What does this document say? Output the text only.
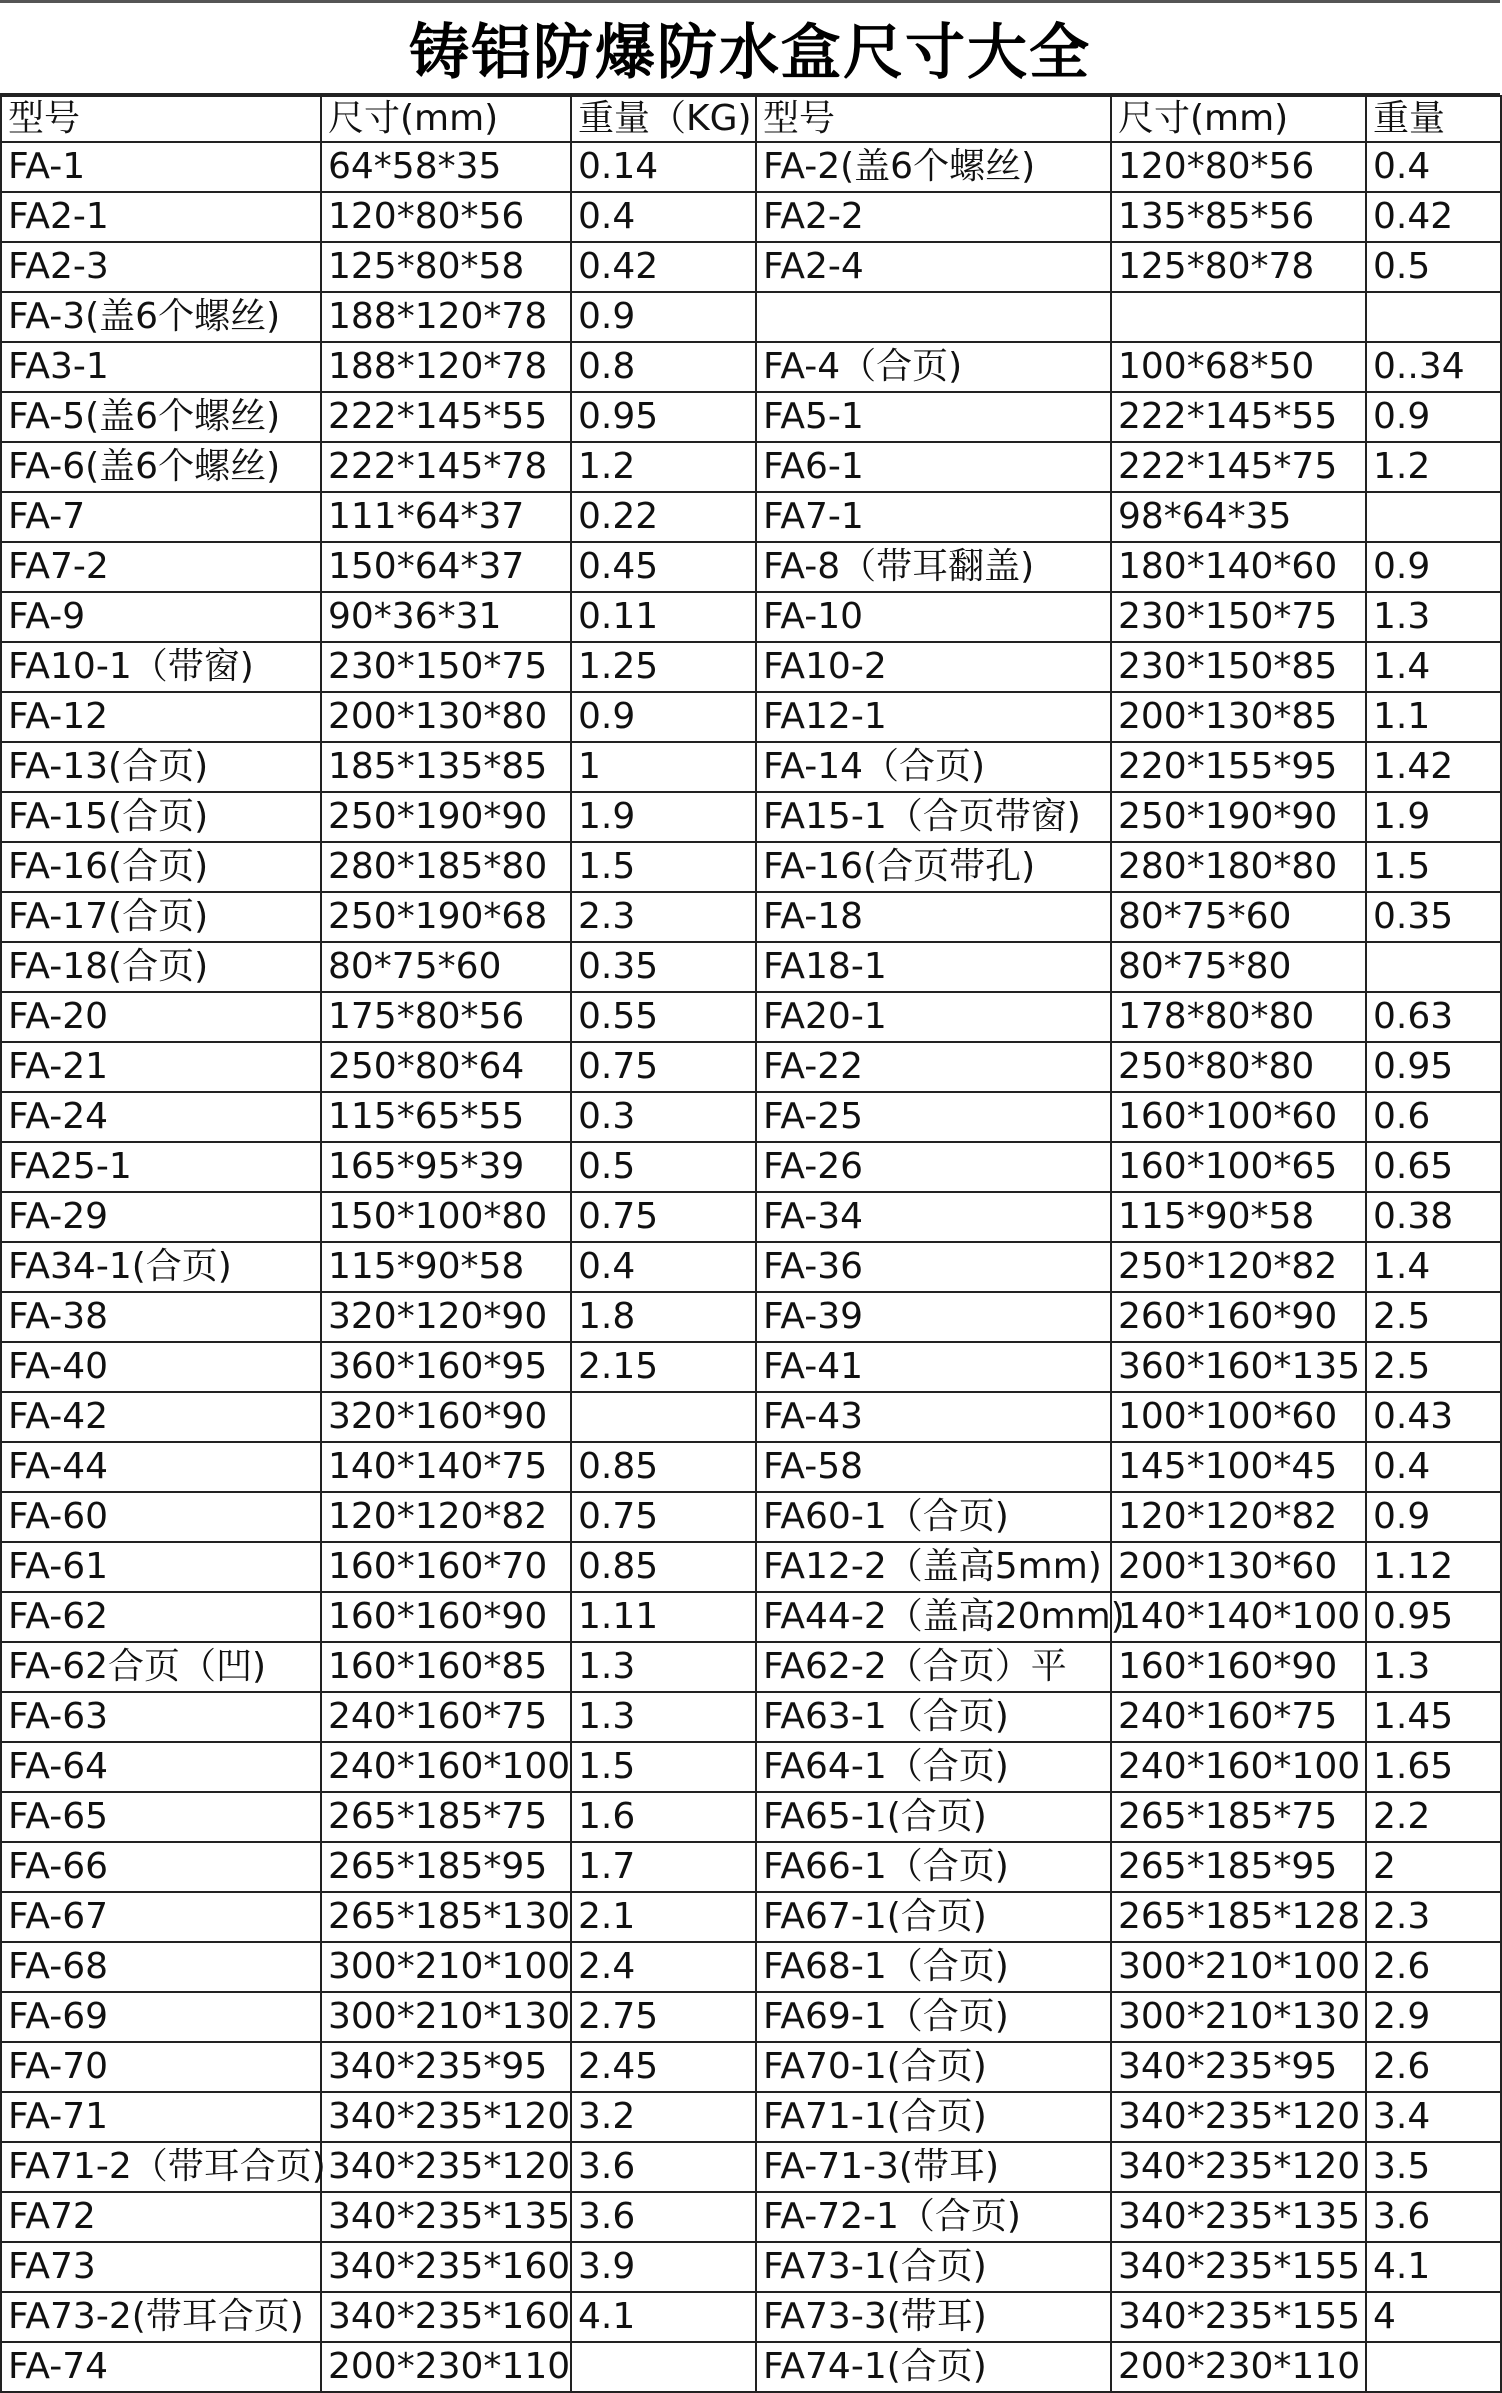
铸铝防爆防水盒尺寸大全
型号	尺寸(mm)	重量（KG)	型号	尺寸(mm)	重量
FA-1	64*58*35	0.14	FA-2(盖6个螺丝)	120*80*56	0.4
FA2-1	120*80*56	0.4	FA2-2	135*85*56	0.42
FA2-3	125*80*58	0.42	FA2-4	125*80*78	0.5
FA-3(盖6个螺丝)	188*120*78	0.9			
FA3-1	188*120*78	0.8	FA-4（合页)	100*68*50	0..34
FA-5(盖6个螺丝)	222*145*55	0.95	FA5-1	222*145*55	0.9
FA-6(盖6个螺丝)	222*145*78	1.2	FA6-1	222*145*75	1.2
FA-7	111*64*37	0.22	FA7-1	98*64*35	
FA7-2	150*64*37	0.45	FA-8（带耳翻盖)	180*140*60	0.9
FA-9	90*36*31	0.11	FA-10	230*150*75	1.3
FA10-1（带窗)	230*150*75	1.25	FA10-2	230*150*85	1.4
FA-12	200*130*80	0.9	FA12-1	200*130*85	1.1
FA-13(合页)	185*135*85	1	FA-14（合页)	220*155*95	1.42
FA-15(合页)	250*190*90	1.9	FA15-1（合页带窗)	250*190*90	1.9
FA-16(合页)	280*185*80	1.5	FA-16(合页带孔)	280*180*80	1.5
FA-17(合页)	250*190*68	2.3	FA-18	80*75*60	0.35
FA-18(合页)	80*75*60	0.35	FA18-1	80*75*80	
FA-20	175*80*56	0.55	FA20-1	178*80*80	0.63
FA-21	250*80*64	0.75	FA-22	250*80*80	0.95
FA-24	115*65*55	0.3	FA-25	160*100*60	0.6
FA25-1	165*95*39	0.5	FA-26	160*100*65	0.65
FA-29	150*100*80	0.75	FA-34	115*90*58	0.38
FA34-1(合页)	115*90*58	0.4	FA-36	250*120*82	1.4
FA-38	320*120*90	1.8	FA-39	260*160*90	2.5
FA-40	360*160*95	2.15	FA-41	360*160*135	2.5
FA-42	320*160*90		FA-43	100*100*60	0.43
FA-44	140*140*75	0.85	FA-58	145*100*45	0.4
FA-60	120*120*82	0.75	FA60-1（合页)	120*120*82	0.9
FA-61	160*160*70	0.85	FA12-2（盖高5mm)	200*130*60	1.12
FA-62	160*160*90	1.11	FA44-2（盖高20mm)	140*140*100	0.95
FA-62合页（凹)	160*160*85	1.3	FA62-2（合页）平	160*160*90	1.3
FA-63	240*160*75	1.3	FA63-1（合页)	240*160*75	1.45
FA-64	240*160*100	1.5	FA64-1（合页)	240*160*100	1.65
FA-65	265*185*75	1.6	FA65-1(合页)	265*185*75	2.2
FA-66	265*185*95	1.7	FA66-1（合页)	265*185*95	2
FA-67	265*185*130	2.1	FA67-1(合页)	265*185*128	2.3
FA-68	300*210*100	2.4	FA68-1（合页)	300*210*100	2.6
FA-69	300*210*130	2.75	FA69-1（合页)	300*210*130	2.9
FA-70	340*235*95	2.45	FA70-1(合页)	340*235*95	2.6
FA-71	340*235*120	3.2	FA71-1(合页)	340*235*120	3.4
FA71-2（带耳合页)	340*235*120	3.6	FA-71-3(带耳)	340*235*120	3.5
FA72	340*235*135	3.6	FA-72-1（合页)	340*235*135	3.6
FA73	340*235*160	3.9	FA73-1(合页)	340*235*155	4.1
FA73-2(带耳合页)	340*235*160	4.1	FA73-3(带耳)	340*235*155	4
FA-74	200*230*110		FA74-1(合页)	200*230*110	
